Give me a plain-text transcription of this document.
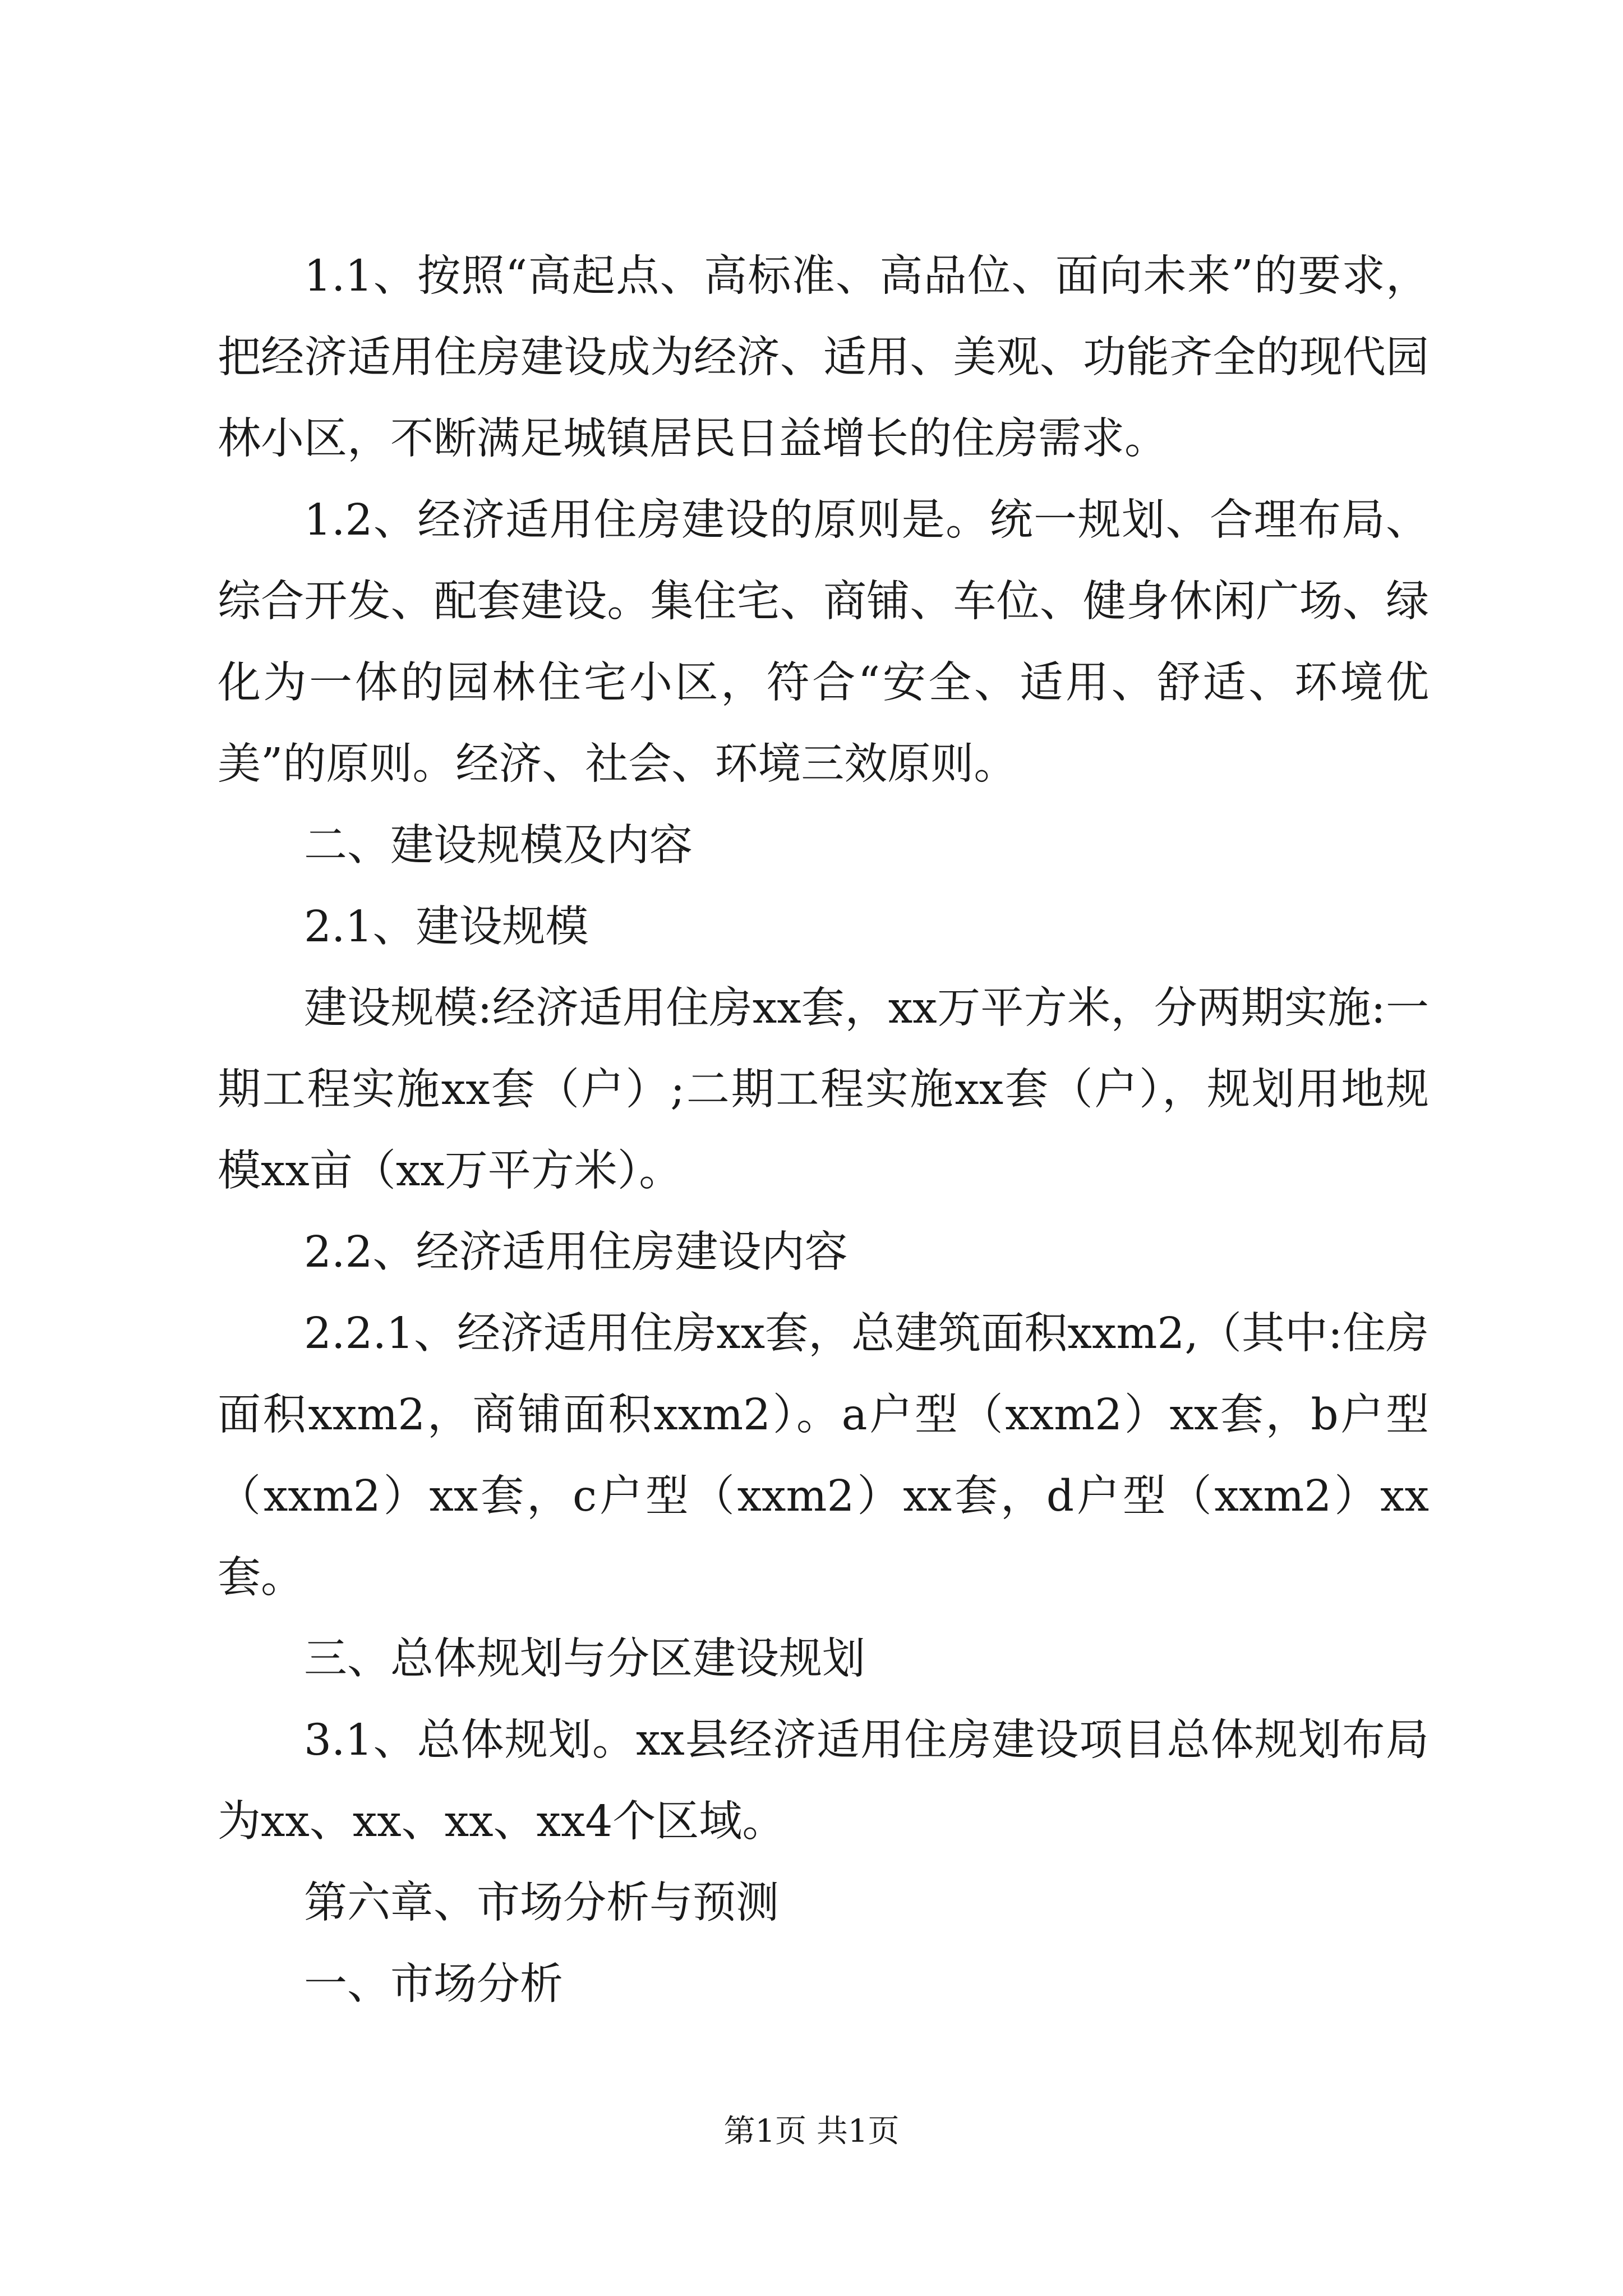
1.1、按照“高起点、高标准、高品位、面向未来”的要求，把经济适用住房建设成为经济、适用、美观、功能齐全的现代园林小区，不断满足城镇居民日益增长的住房需求。

1.2、经济适用住房建设的原则是。统一规划、合理布局、综合开发、配套建设。集住宅、商铺、车位、健身休闲广场、绿化为一体的园林住宅小区，符合“安全、适用、舒适、环境优美”的原则。经济、社会、环境三效原则。

二、建设规模及内容

2.1、建设规模

建设规模:经济适用住房xx套，xx万平方米，分两期实施:一期工程实施xx套（户）;二期工程实施xx套（户），规划用地规模xx亩（xx万平方米）。

2.2、经济适用住房建设内容

2.2.1、经济适用住房xx套，总建筑面积xxm2,（其中:住房面积xxm2，商铺面积xxm2）。a户型（xxm2）xx套，b户型（xxm2）xx套，c户型（xxm2）xx套，d户型（xxm2）xx套。

三、总体规划与分区建设规划

3.1、总体规划。xx县经济适用住房建设项目总体规划布局为xx、xx、xx、xx4个区域。

第六章、市场分析与预测

一、市场分析

第1页 共1页
